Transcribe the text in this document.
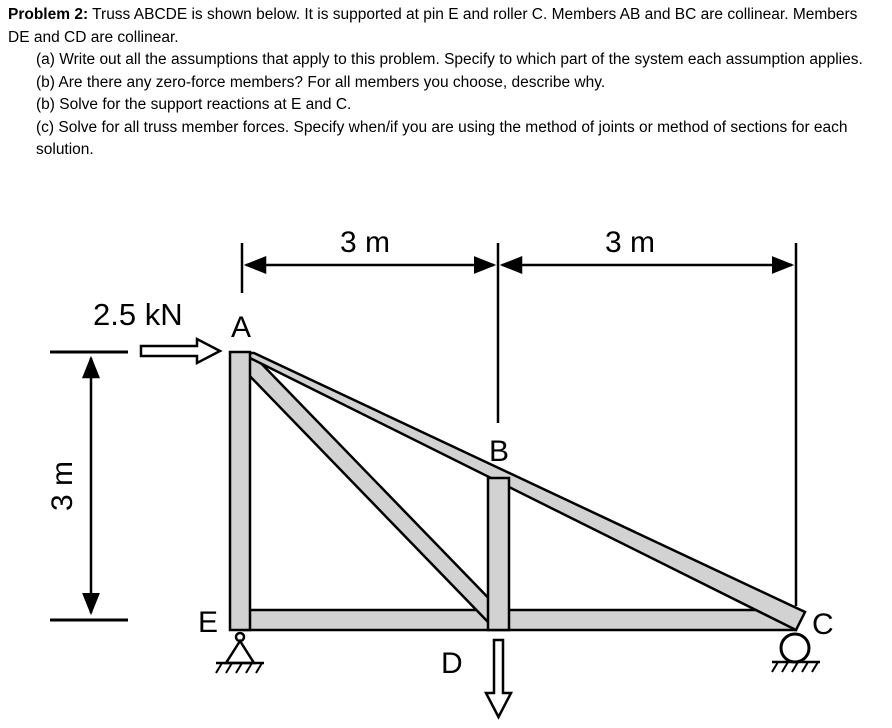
Problem 2: Truss ABCDE is shown below. It is supported at pin E and roller C. Members AB and BC are collinear. Members DE and CD are collinear.

(a) Write out all the assumptions that apply to this problem. Specify to which part of the system each assumption applies.

(b) Are there any zero-force members? For all members you choose, describe why.

(b) Solve for the support reactions at E and C.

(c) Solve for all truss member forces. Specify when/if you are using the method of joints or method of sections for each solution.

3 m	3 m
3 m
2.5 kN A
B
C
D
E
